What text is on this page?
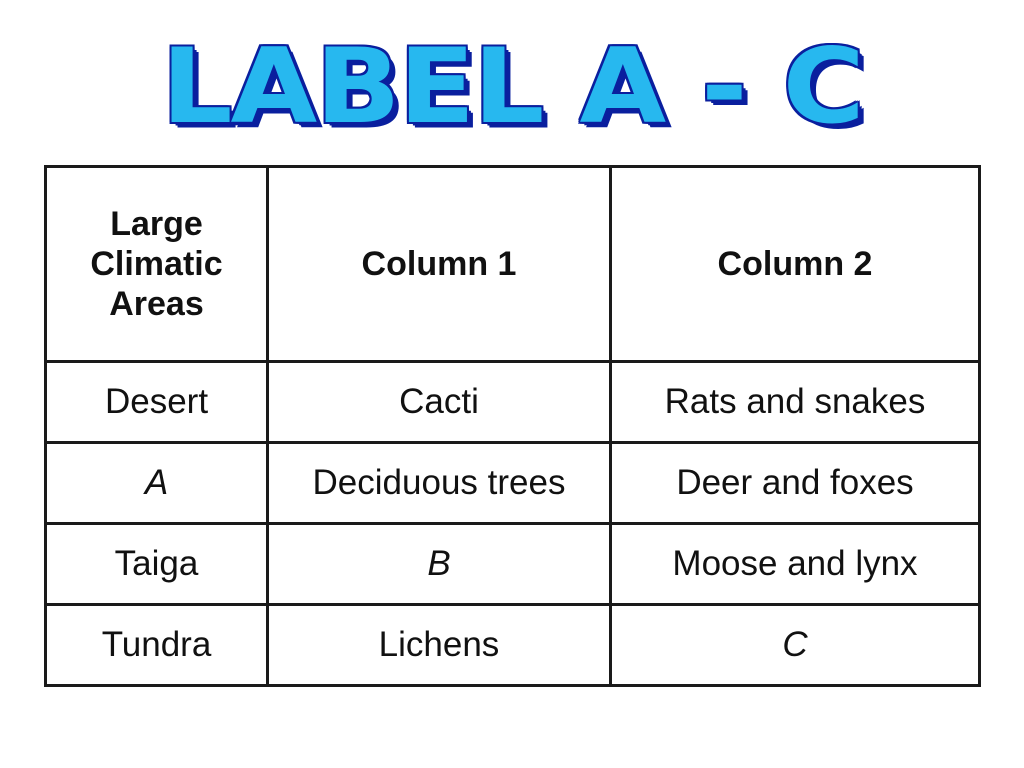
LABEL A - C
Large
Climatic
Areas	Column 1	Column 2
Desert	Cacti	Rats and snakes
A	Deciduous trees	Deer and foxes
Taiga	B	Moose and lynx
Tundra	Lichens	C
